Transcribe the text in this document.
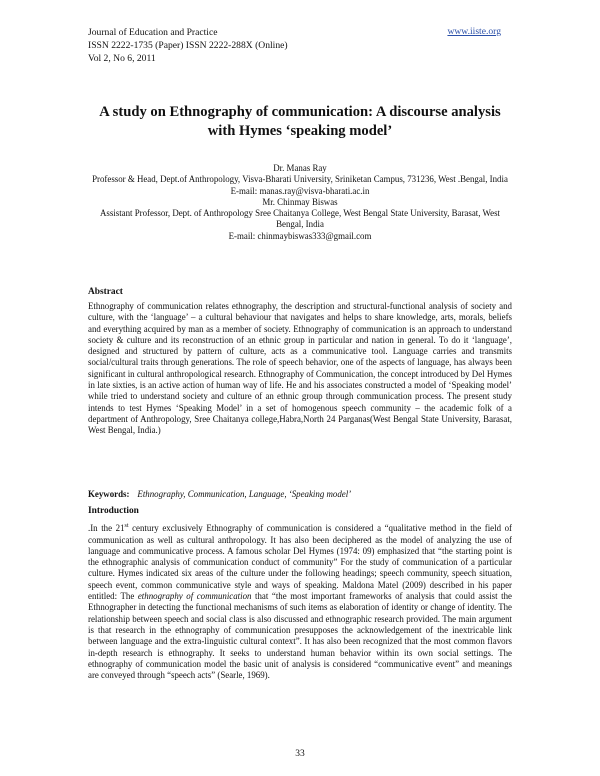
Journal of Education and Practice
ISSN 2222-1735 (Paper) ISSN 2222-288X (Online)
Vol 2, No 6, 2011
www.iiste.org
A study on Ethnography of communication: A discourse analysis with Hymes ‘speaking model’
Dr. Manas Ray
Professor & Head, Dept.of Anthropology, Visva-Bharati University, Sriniketan Campus, 731236, West .Bengal, India E-mail: manas.ray@visva-bharati.ac.in
Mr. Chinmay Biswas
Assistant Professor, Dept. of Anthropology Sree Chaitanya College, West Bengal State University, Barasat, West Bengal, India
E-mail: chinmaybiswas333@gmail.com
Abstract
Ethnography of communication relates ethnography, the description and structural-functional analysis of society and culture, with the ‘language’ – a cultural behaviour that navigates and helps to share knowledge, arts, morals, beliefs and everything acquired by man as a member of society. Ethnography of communication is an approach to understand society & culture and its reconstruction of an ethnic group in particular and nation in general. To do it ‘language’, designed and structured by pattern of culture, acts as a communicative tool. Language carries and transmits social/cultural traits through generations. The role of speech behavior, one of the aspects of language, has always been significant in cultural anthropological research. Ethnography of Communication, the concept introduced by Del Hymes in late sixties, is an active action of human way of life. He and his associates constructed a model of ‘Speaking model’ while tried to understand society and culture of an ethnic group through communication process. The present study intends to test Hymes ‘Speaking Model’ in a set of homogenous speech community – the academic folk of a department of Anthropology, Sree Chaitanya college,Habra,North 24 Parganas(West Bengal State University, Barasat, West Bengal, India.)
Keywords: Ethnography, Communication, Language, ‘Speaking model’
Introduction
.In the 21st century exclusively Ethnography of communication is considered a “qualitative method in the field of communication as well as cultural anthropology. It has also been deciphered as the model of analyzing the use of language and communicative process. A famous scholar Del Hymes (1974: 09) emphasized that “the starting point is the ethnographic analysis of communication conduct of community” For the study of communication of a particular culture. Hymes indicated six areas of the culture under the following headings; speech community, speech situation, speech event, common communicative style and ways of speaking. Maldona Matel (2009) described in his paper entitled: The ethnography of communication that “the most important frameworks of analysis that could assist the Ethnographer in detecting the functional mechanisms of such items as elaboration of identity or change of identity. The relationship between speech and social class is also discussed and ethnographic research provided. The main argument is that research in the ethnography of communication presupposes the acknowledgement of the inextricable link between language and the extra-linguistic cultural context”. It has also been recognized that the most common flavors in-depth research is ethnography. It seeks to understand human behavior within its own social settings. The ethnography of communication model the basic unit of analysis is considered “communicative event” and meanings are conveyed through “speech acts” (Searle, 1969).
33
